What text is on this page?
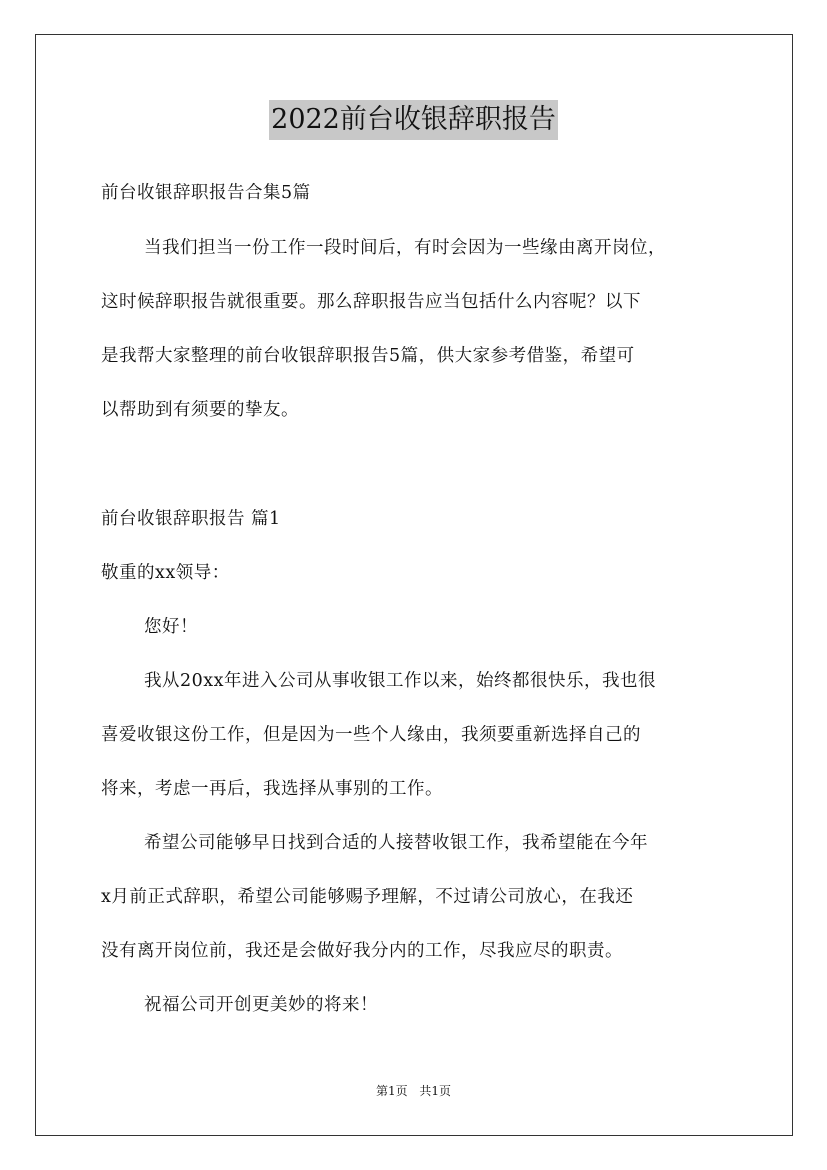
2022前台收银辞职报告
前台收银辞职报告合集5篇
当我们担当一份工作一段时间后，有时会因为一些缘由离开岗位，
这时候辞职报告就很重要。那么辞职报告应当包括什么内容呢？以下
是我帮大家整理的前台收银辞职报告5篇，供大家参考借鉴，希望可
以帮助到有须要的挚友。
前台收银辞职报告 篇1
敬重的xx领导：
您好！
我从20xx年进入公司从事收银工作以来，始终都很快乐，我也很
喜爱收银这份工作，但是因为一些个人缘由，我须要重新选择自己的
将来，考虑一再后，我选择从事别的工作。
希望公司能够早日找到合适的人接替收银工作，我希望能在今年
x月前正式辞职，希望公司能够赐予理解，不过请公司放心，在我还
没有离开岗位前，我还是会做好我分内的工作，尽我应尽的职责。
祝福公司开创更美妙的将来！
第1页 共1页
